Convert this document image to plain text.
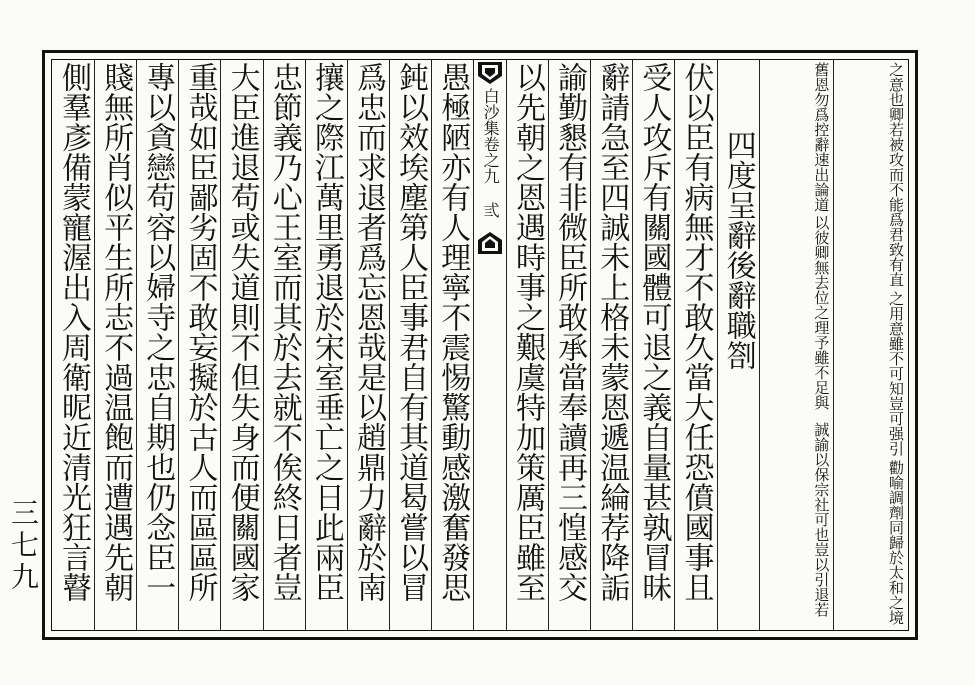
三七九
勸喻調劑同歸於太和之境
之用意雖不可知豈可强引
之意也卿若被攻而不能爲君致有直
誠諭以保宗社可也豈以引退若
以彼卿無去位之理予雖不足與
舊恩勿爲控辭速出論道
四度呈辭後辭職劄
伏以臣有病無才不敢久當大任恐僨國事且
受人攻斥有關國體可退之義自量甚孰冒昧
辭請急至四誠未上格未蒙恩遞温綸荐降詬
諭勤懇有非微臣所敢承當奉讀再三惶感交
以先朝之恩遇時事之艱虞特加策厲臣雖至
白沙集卷之九
弎
愚極陋亦有人理寧不震惕驚動感激奮發思
鈍以效埃塵第人臣事君自有其道曷嘗以冒
爲忠而求退者爲忘恩哉是以趙鼎力辭於南
攘之際江萬里勇退於宋室垂亡之日此兩臣
忠節義乃心王室而其於去就不俟終日者豈
大臣進退苟或失道則不但失身而便關國家
重哉如臣鄙劣固不敢妄擬於古人而區區所
專以貪戀苟容以婦寺之忠自期也仍念臣一
賤無所肖似平生所志不過温飽而遭遇先朝
側羣彥備蒙寵渥出入周衛昵近清光狂言瞽
